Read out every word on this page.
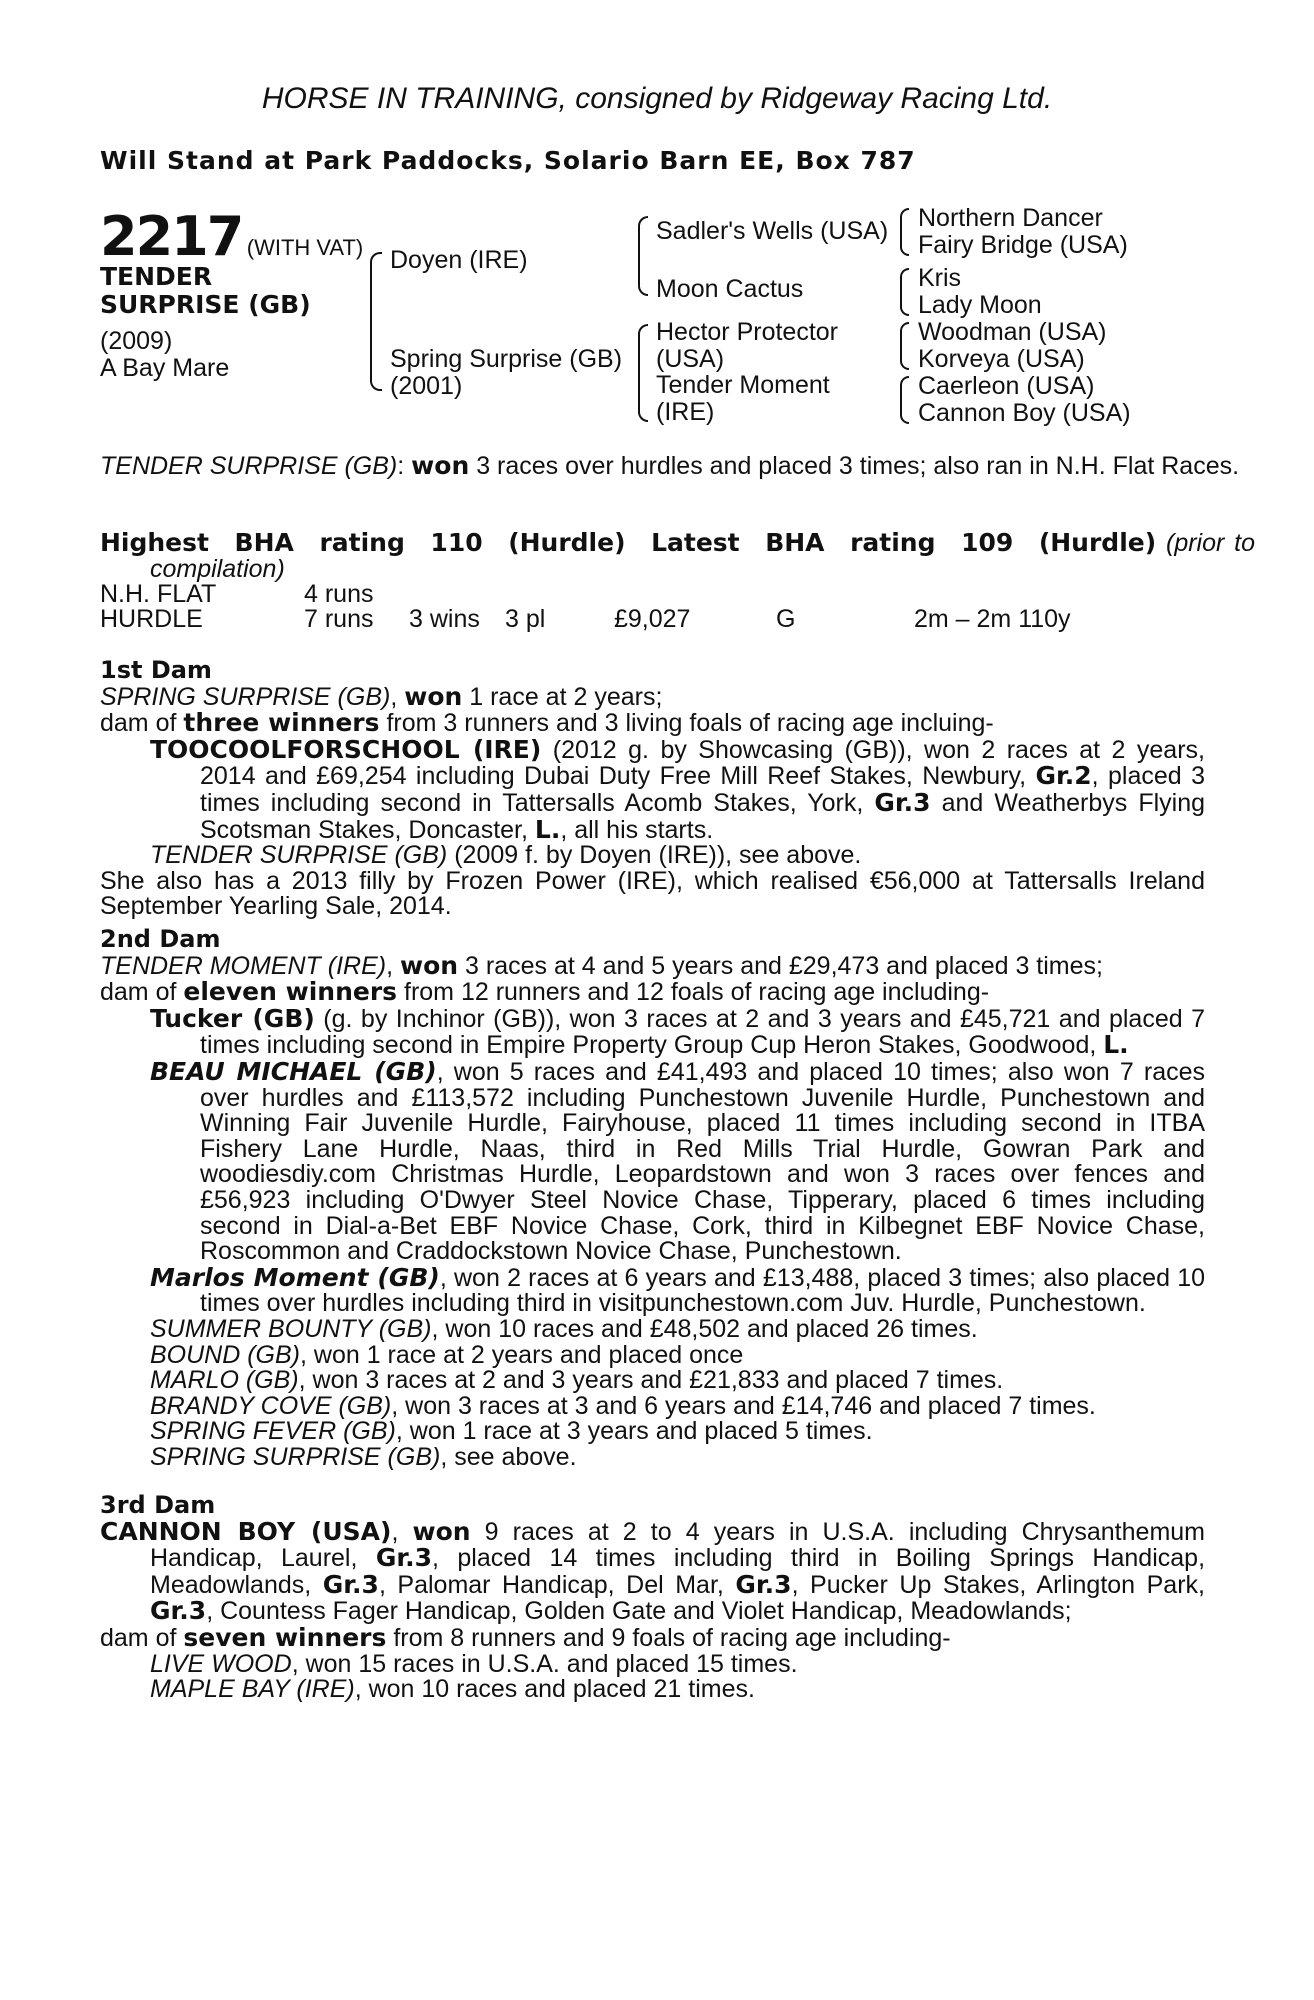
HORSE IN TRAINING, consigned by Ridgeway Racing Ltd.
Will Stand at Park Paddocks, Solario Barn EE, Box 787
2217 (WITH VAT)
TENDER
SURPRISE (GB)
(2009)
A Bay Mare
Doyen (IRE)
Spring Surprise (GB)
(2001)
Sadler's Wells (USA)
Moon Cactus
Hector Protector
(USA)
Tender Moment
(IRE)
Northern Dancer
Fairy Bridge (USA)
Kris
Lady Moon
Woodman (USA)
Korveya (USA)
Caerleon (USA)
Cannon Boy (USA)
TENDER SURPRISE (GB): won 3 races over hurdles and placed 3 times; also ran in N.H. Flat Races.
Highest BHA rating 110 (Hurdle) Latest BHA rating 109 (Hurdle) (prior to compilation)
N.H. FLAT	4 runs
HURDLE	7 runs 3 wins 3 pl	£9,027	G	2m – 2m 110y
1st Dam
SPRING SURPRISE (GB), won 1 race at 2 years;
dam of three winners from 3 runners and 3 living foals of racing age incluing-
TOOCOOLFORSCHOOL (IRE) (2012 g. by Showcasing (GB)), won 2 races at 2 years, 2014 and £69,254 including Dubai Duty Free Mill Reef Stakes, Newbury, Gr.2, placed 3 times including second in Tattersalls Acomb Stakes, York, Gr.3 and Weatherbys Flying Scotsman Stakes, Doncaster, L., all his starts.
TENDER SURPRISE (GB) (2009 f. by Doyen (IRE)), see above.
She also has a 2013 filly by Frozen Power (IRE), which realised €56,000 at Tattersalls Ireland September Yearling Sale, 2014.
2nd Dam
TENDER MOMENT (IRE), won 3 races at 4 and 5 years and £29,473 and placed 3 times;
dam of eleven winners from 12 runners and 12 foals of racing age including-
Tucker (GB) (g. by Inchinor (GB)), won 3 races at 2 and 3 years and £45,721 and placed 7 times including second in Empire Property Group Cup Heron Stakes, Goodwood, L.
BEAU MICHAEL (GB), won 5 races and £41,493 and placed 10 times; also won 7 races over hurdles and £113,572 including Punchestown Juvenile Hurdle, Punchestown and Winning Fair Juvenile Hurdle, Fairyhouse, placed 11 times including second in ITBA Fishery Lane Hurdle, Naas, third in Red Mills Trial Hurdle, Gowran Park and woodiesdiy.com Christmas Hurdle, Leopardstown and won 3 races over fences and £56,923 including O'Dwyer Steel Novice Chase, Tipperary, placed 6 times including second in Dial-a-Bet EBF Novice Chase, Cork, third in Kilbegnet EBF Novice Chase, Roscommon and Craddockstown Novice Chase, Punchestown.
Marlos Moment (GB), won 2 races at 6 years and £13,488, placed 3 times; also placed 10 times over hurdles including third in visitpunchestown.com Juv. Hurdle, Punchestown.
SUMMER BOUNTY (GB), won 10 races and £48,502 and placed 26 times.
BOUND (GB), won 1 race at 2 years and placed once
MARLO (GB), won 3 races at 2 and 3 years and £21,833 and placed 7 times.
BRANDY COVE (GB), won 3 races at 3 and 6 years and £14,746 and placed 7 times.
SPRING FEVER (GB), won 1 race at 3 years and placed 5 times.
SPRING SURPRISE (GB), see above.
3rd Dam
CANNON BOY (USA), won 9 races at 2 to 4 years in U.S.A. including Chrysanthemum Handicap, Laurel, Gr.3, placed 14 times including third in Boiling Springs Handicap, Meadowlands, Gr.3, Palomar Handicap, Del Mar, Gr.3, Pucker Up Stakes, Arlington Park, Gr.3, Countess Fager Handicap, Golden Gate and Violet Handicap, Meadowlands;
dam of seven winners from 8 runners and 9 foals of racing age including-
LIVE WOOD, won 15 races in U.S.A. and placed 15 times.
MAPLE BAY (IRE), won 10 races and placed 21 times.
